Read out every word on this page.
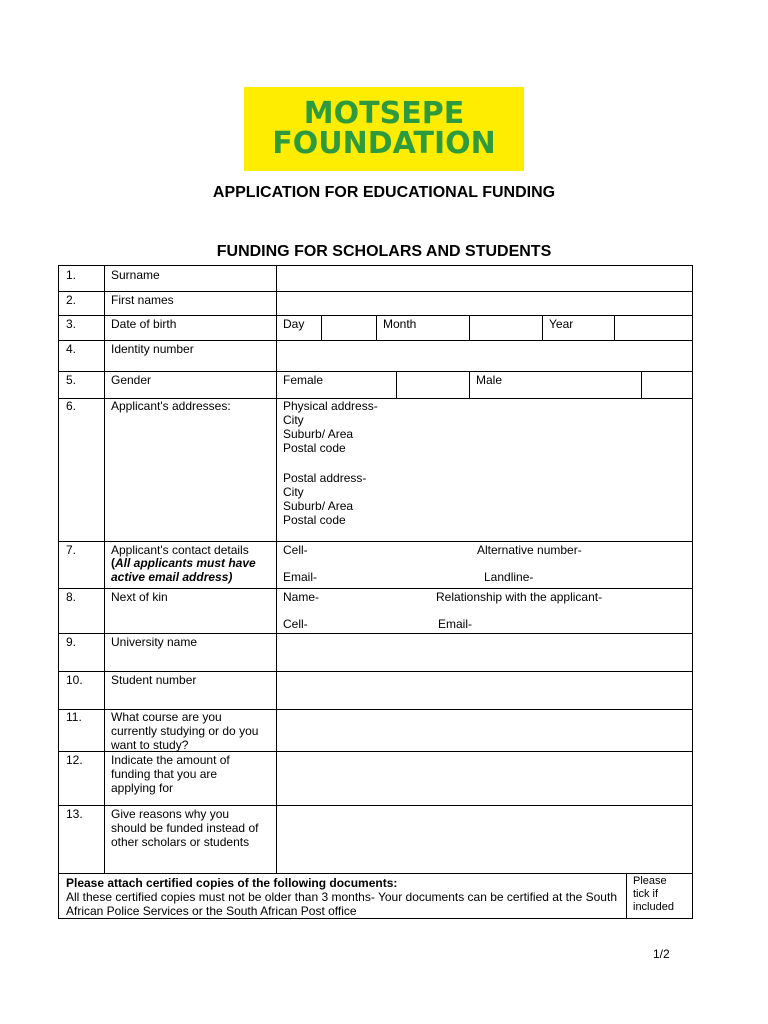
MOTSEPE
FOUNDATION
APPLICATION FOR EDUCATIONAL FUNDING
FUNDING FOR SCHOLARS AND STUDENTS
1.	Surname
2.	First names
3.	Date of birth	Day	Month	Year
4.	Identity number
5.	Gender	Female	Male
6.	Applicant's addresses:	Physical address-
City
Suburb/ Area
Postal code
Postal address-
City
Suburb/ Area
Postal code
7.	Applicant's contact details
(All applicants must have active email address)
Cell-	Alternative number-
Email-	Landline-
8.	Next of kin	Name-	Relationship with the applicant-
Cell-	Email-
9.	University name
10. Student number
11. What course are you currently studying or do you want to study?
12. Indicate the amount of funding that you are applying for
13. Give reasons why you should be funded instead of other scholars or students
Please attach certified copies of the following documents:
All these certified copies must not be older than 3 months- Your documents can be certified at the South African Police Services or the South African Post office
Please tick if included
1/2
